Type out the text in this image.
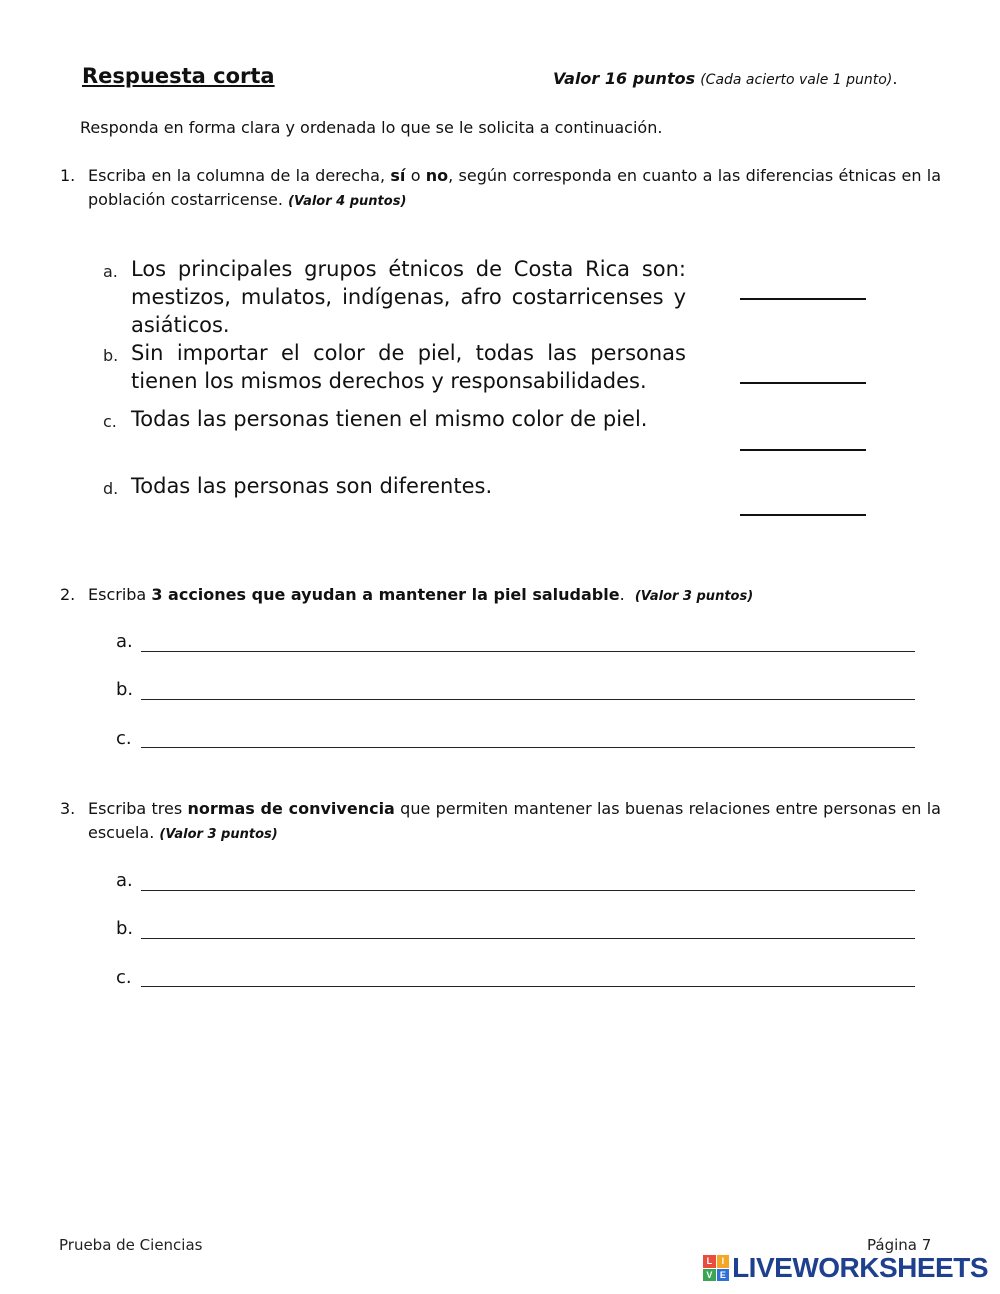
Respuesta corta	Valor 16 puntos (Cada acierto vale 1 punto).
Responda en forma clara y ordenada lo que se le solicita a continuación.
1. Escriba en la columna de la derecha, sí o no, según corresponda en cuanto a las diferencias étnicas en la población costarricense. (Valor 4 puntos)
a. Los principales grupos étnicos de Costa Rica son: mestizos, mulatos, indígenas, afro costarricenses y asiáticos.
b. Sin importar el color de piel, todas las personas tienen los mismos derechos y responsabilidades.
c. Todas las personas tienen el mismo color de piel.
d. Todas las personas son diferentes.
2. Escriba 3 acciones que ayudan a mantener la piel saludable. (Valor 3 puntos)
a.
b.
c.
3. Escriba tres normas de convivencia que permiten mantener las buenas relaciones entre personas en la escuela. (Valor 3 puntos)
a.
b.
c.
Prueba de Ciencias	Página 7
L	I
V E LIVEWORKSHEETS
